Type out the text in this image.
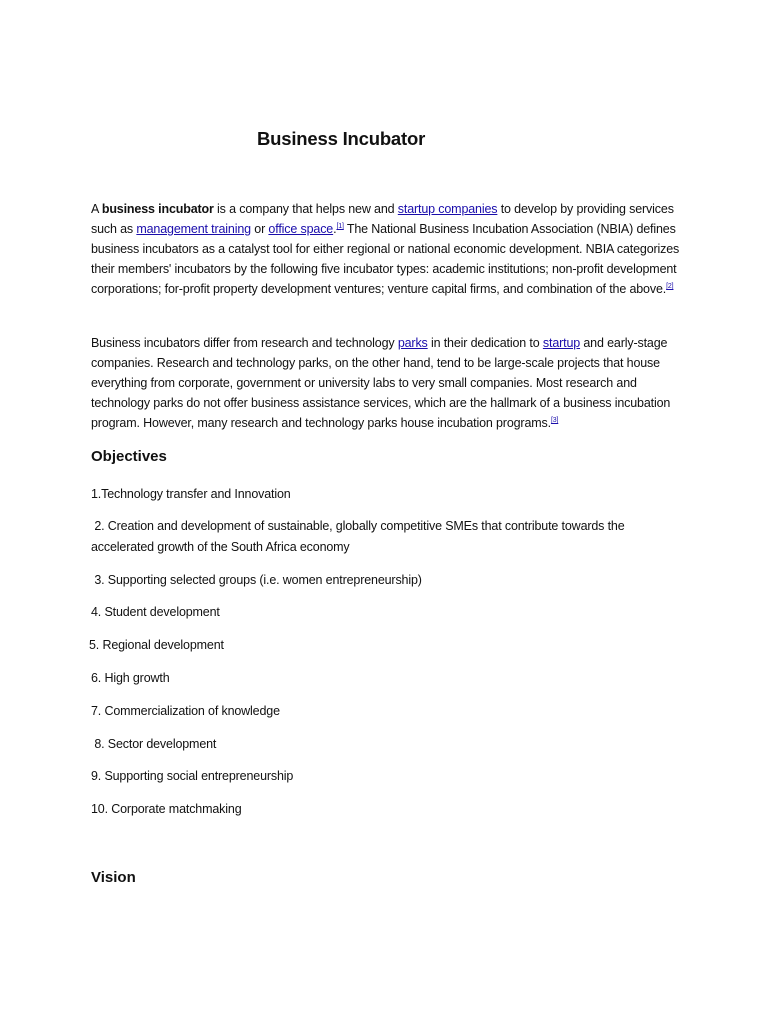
Business Incubator

A business incubator is a company that helps new and startup companies to develop by providing services such as management training or office space.[1] The National Business Incubation Association (NBIA) defines business incubators as a catalyst tool for either regional or national economic development. NBIA categorizes their members' incubators by the following five incubator types: academic institutions; non-profit development corporations; for-profit property development ventures; venture capital firms, and combination of the above.[2]

Business incubators differ from research and technology parks in their dedication to startup and early-stage companies. Research and technology parks, on the other hand, tend to be large-scale projects that house everything from corporate, government or university labs to very small companies. Most research and technology parks do not offer business assistance services, which are the hallmark of a business incubation program. However, many research and technology parks house incubation programs.[3]

Objectives

1.Technology transfer and Innovation

2. Creation and development of sustainable, globally competitive SMEs that contribute towards the accelerated growth of the South Africa economy

3. Supporting selected groups (i.e. women entrepreneurship)

4. Student development

5. Regional development

6. High growth

7. Commercialization of knowledge

8. Sector development

9. Supporting social entrepreneurship

10. Corporate matchmaking

Vision
